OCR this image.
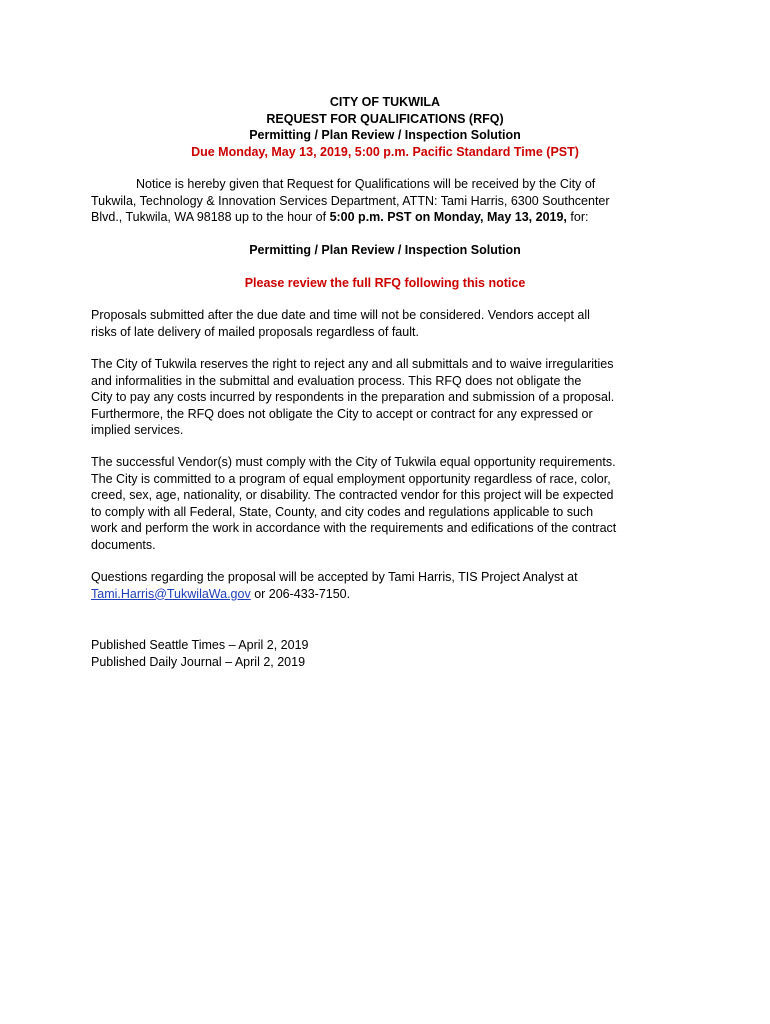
CITY OF TUKWILA
REQUEST FOR QUALIFICATIONS (RFQ)
Permitting / Plan Review / Inspection Solution
Due Monday, May 13, 2019, 5:00 p.m. Pacific Standard Time (PST)
Notice is hereby given that Request for Qualifications will be received by the City of
Tukwila, Technology & Innovation Services Department, ATTN: Tami Harris, 6300 Southcenter
Blvd., Tukwila, WA 98188 up to the hour of 5:00 p.m. PST on Monday, May 13, 2019, for:
Permitting / Plan Review / Inspection Solution
Please review the full RFQ following this notice
Proposals submitted after the due date and time will not be considered. Vendors accept all
risks of late delivery of mailed proposals regardless of fault.
The City of Tukwila reserves the right to reject any and all submittals and to waive irregularities
and informalities in the submittal and evaluation process. This RFQ does not obligate the
City to pay any costs incurred by respondents in the preparation and submission of a proposal.
Furthermore, the RFQ does not obligate the City to accept or contract for any expressed or
implied services.
The successful Vendor(s) must comply with the City of Tukwila equal opportunity requirements.
The City is committed to a program of equal employment opportunity regardless of race, color,
creed, sex, age, nationality, or disability. The contracted vendor for this project will be expected
to comply with all Federal, State, County, and city codes and regulations applicable to such
work and perform the work in accordance with the requirements and edifications of the contract
documents.
Questions regarding the proposal will be accepted by Tami Harris, TIS Project Analyst at
Tami.Harris@TukwilaWa.gov or 206-433-7150.
Published Seattle Times – April 2, 2019
Published Daily Journal – April 2, 2019
